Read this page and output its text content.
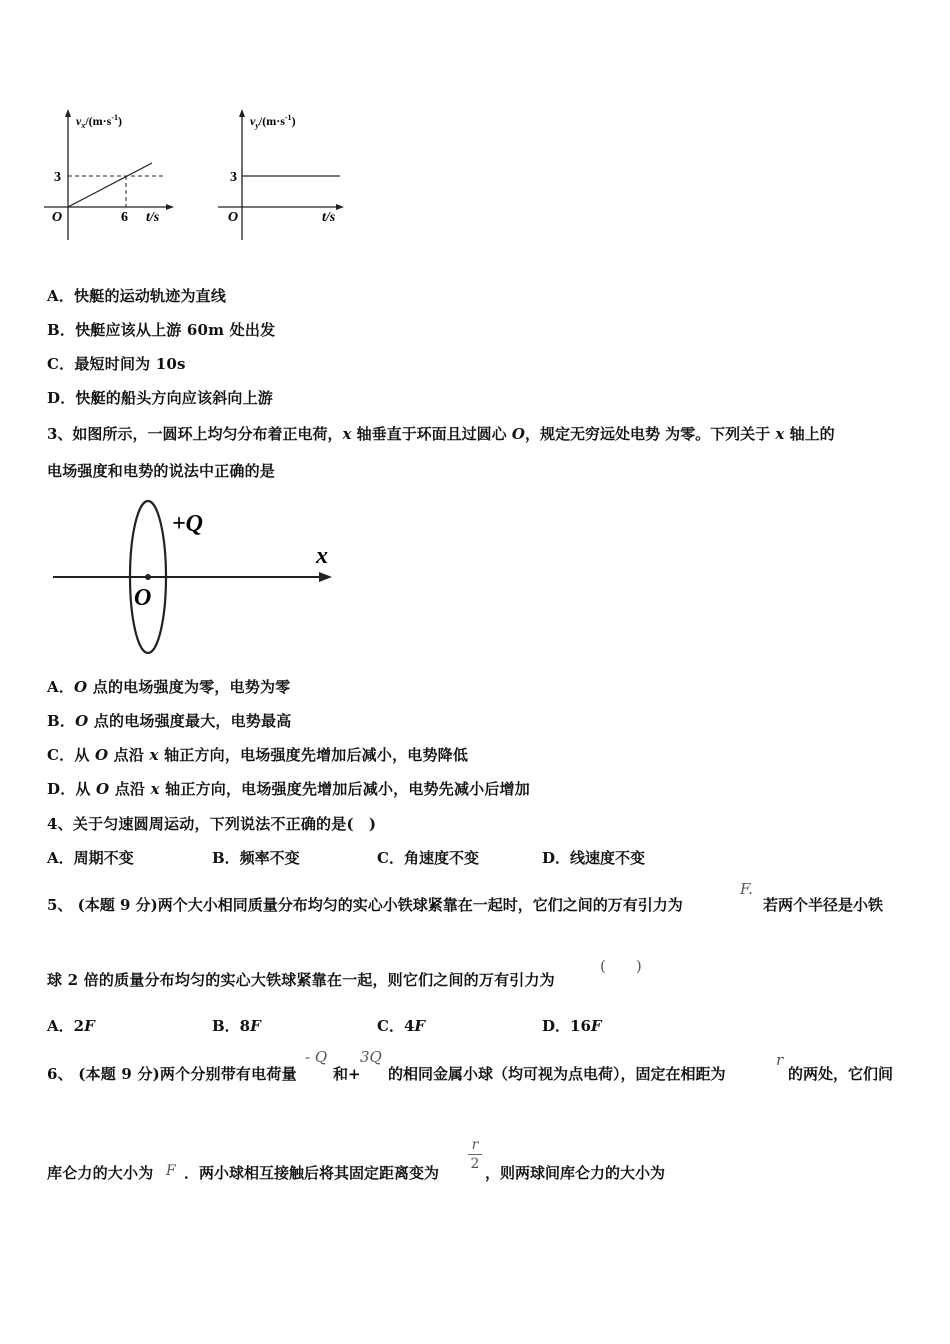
$v_x/(m\cdot s^{-1})$
3
O	6 t/s
$v_y/(m\cdot s^{-1})$
3
O	t/s
A．快艇的运动轨迹为直线
B．快艇应该从上游 60m 处出发
C．最短时间为 10s
D．快艇的船头方向应该斜向上游
3、如图所示，一圆环上均匀分布着正电荷，x 轴垂直于环面且过圆心 O，规定无穷远处电势 为零。下列关于 x 轴上的
电场强度和电势的说法中正确的是
+Q
x
O
A．O 点的电场强度为零，电势为零
B．O 点的电场强度最大，电势最高
C．从 O 点沿 x 轴正方向，电场强度先增加后减小，电势降低
D．从 O 点沿 x 轴正方向，电场强度先增加后减小，电势先减小后增加
4、关于匀速圆周运动，下列说法不正确的是(　)
A．周期不变	B．频率不变	C．角速度不变	D．线速度不变
5、 (本题 9 分)两个大小相同质量分布均匀的实心小铁球紧靠在一起时，它们之间的万有引力为
F.
若两个半径是小铁
球 2 倍的质量分布均匀的实心大铁球紧靠在一起，则它们之间的万有引力为
(　　)
A．2F	B．8F	C．4F	D．16F
6、 (本题 9 分)两个分别带有电荷量
- Q
和+
3Q
的相同金属小球（均可视为点电荷），固定在相距为
r
的两处，它们间
库仑力的大小为 F ．两小球相互接触后将其固定距离变为
r
2 ，则两球间库仑力的大小为
